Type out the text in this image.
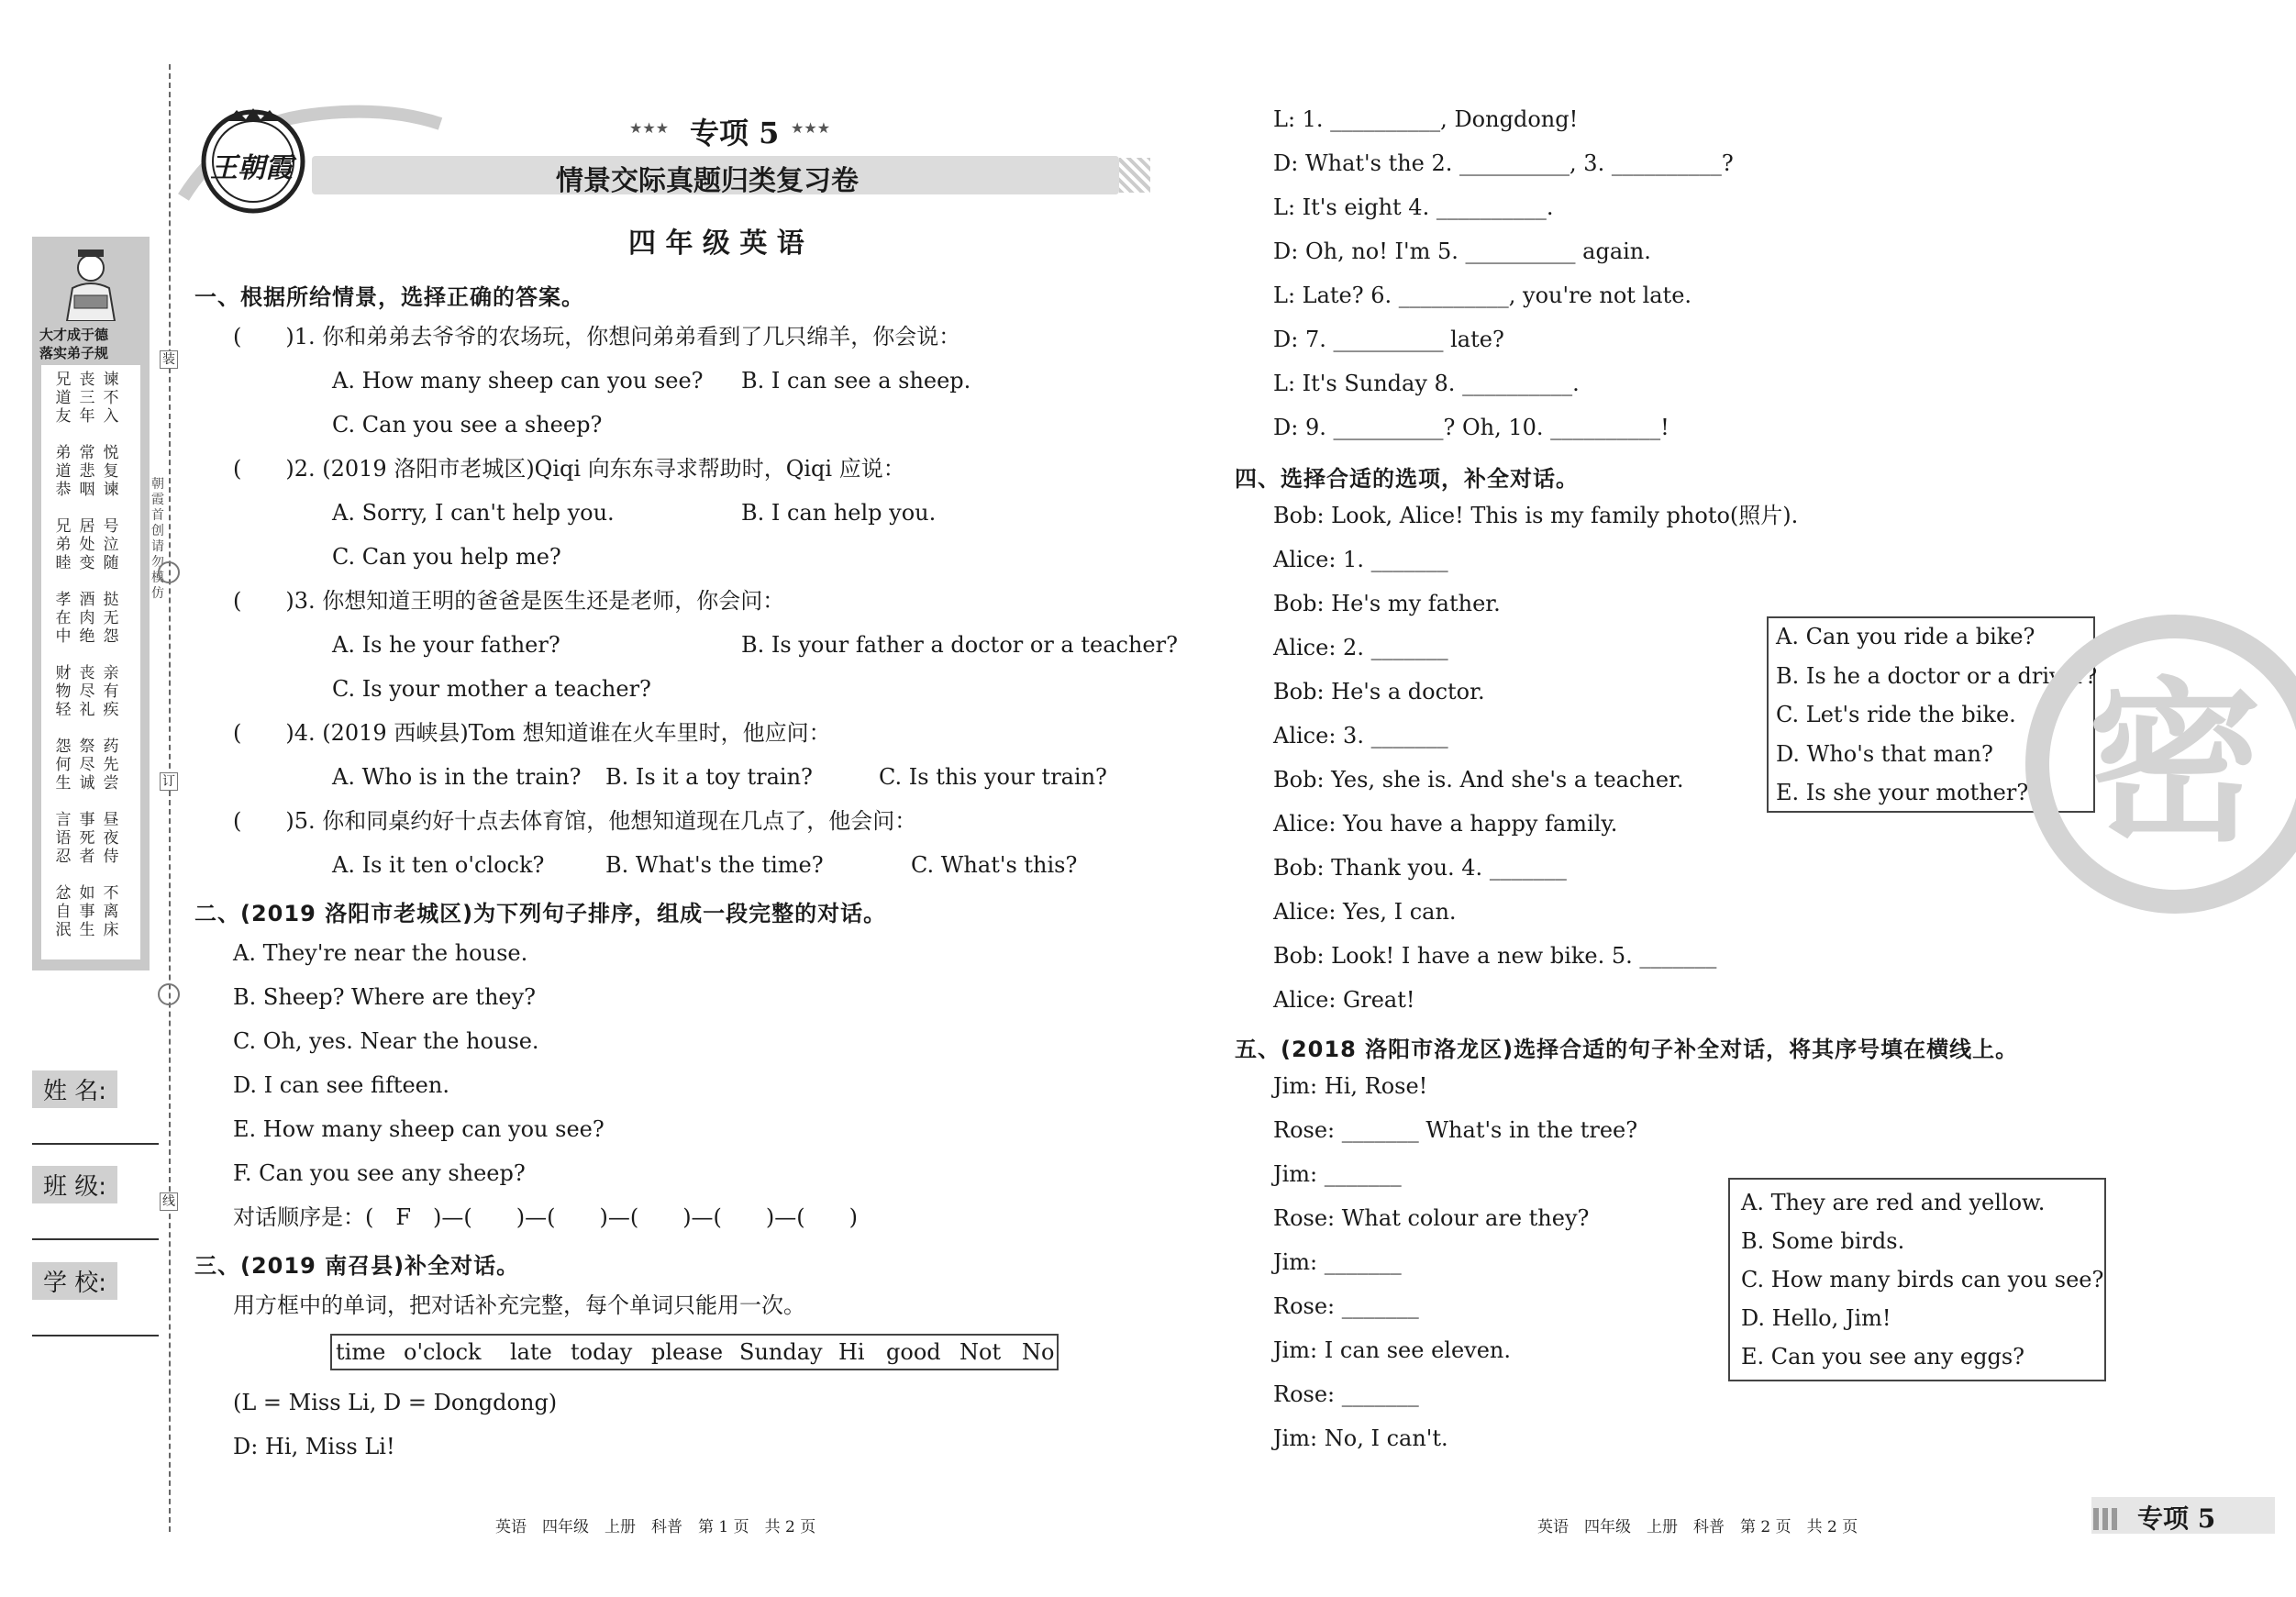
装
订
线
朝霞首创 请勿模仿
大才成于德
落实弟子规
兄道友
丧三年
谏不入
弟道恭
常悲咽
悦复谏
兄弟睦
居处变
号泣随
孝在中
酒肉绝
挞无怨
财物轻
丧尽礼
亲有疾
怨何生
祭尽诚
药先尝
言语忍
事死者
昼夜侍
忿自泯
如事生
不离床
姓 名:
班 级:
学 校:
王朝霞
★★★ 专项 5 ★★★
情景交际真题归类复习卷
四 年 级 英 语
一、根据所给情景，选择正确的答案。
(　　)1. 你和弟弟去爷爷的农场玩，你想问弟弟看到了几只绵羊，你会说：
A. How many sheep can you see? B. I can see a sheep.
C. Can you see a sheep?
(　　)2. (2019 洛阳市老城区)Qiqi 向东东寻求帮助时，Qiqi 应说：
A. Sorry, I can't help you.	B. I can help you.
C. Can you help me?
(　　)3. 你想知道王明的爸爸是医生还是老师，你会问：
A. Is he your father?	B. Is your father a doctor or a teacher?
C. Is your mother a teacher?
(　　)4. (2019 西峡县)Tom 想知道谁在火车里时，他应问：
A. Who is in the train? B. Is it a toy train?	C. Is this your train?
(　　)5. 你和同桌约好十点去体育馆，他想知道现在几点了，他会问：
A. Is it ten o'clock?	B. What's the time?	C. What's this?
二、(2019 洛阳市老城区)为下列句子排序，组成一段完整的对话。
A. They're near the house.
B. Sheep? Where are they?
C. Oh, yes. Near the house.
D. I can see fifteen.
E. How many sheep can you see?
F. Can you see any sheep?
对话顺序是：(　F　)—(　　)—(　　)—(　　)—(　　)—(　　)
三、(2019 南召县)补全对话。
用方框中的单词，把对话补充完整，每个单词只能用一次。
time o'clock late today please Sunday Hi good Not No
(L = Miss Li, D = Dongdong)
D: Hi, Miss Li!
英语　四年级　上册　科普　第 1 页　共 2 页
L: 1. __________, Dongdong!
D: What's the 2. __________, 3. __________?
L: It's eight 4. __________.
D: Oh, no! I'm 5. __________ again.
L: Late? 6. __________, you're not late.
D: 7. __________ late?
L: It's Sunday 8. __________.
D: 9. __________? Oh, 10. __________!
四、选择合适的选项，补全对话。
Bob: Look, Alice! This is my family photo(照片).
Alice: 1. _______
Bob: He's my father.
Alice: 2. _______
Bob: He's a doctor.
Alice: 3. _______
Bob: Yes, she is. And she's a teacher.
Alice: You have a happy family.
Bob: Thank you. 4. _______
Alice: Yes, I can.
Bob: Look! I have a new bike. 5. _______
Alice: Great!
A. Can you ride a bike?
B. Is he a doctor or a driver?
C. Let's ride the bike.
D. Who's that man?
E. Is she your mother?
五、(2018 洛阳市洛龙区)选择合适的句子补全对话，将其序号填在横线上。
Jim: Hi, Rose!
Rose: _______ What's in the tree?
Jim: _______
Rose: What colour are they?
Jim: _______
Rose: _______
Jim: I can see eleven.
Rose: _______
Jim: No, I can't.
A. They are red and yellow.
B. Some birds.
C. How many birds can you see?
D. Hello, Jim!
E. Can you see any eggs?
密
英语　四年级　上册　科普　第 2 页　共 2 页	专项 5
